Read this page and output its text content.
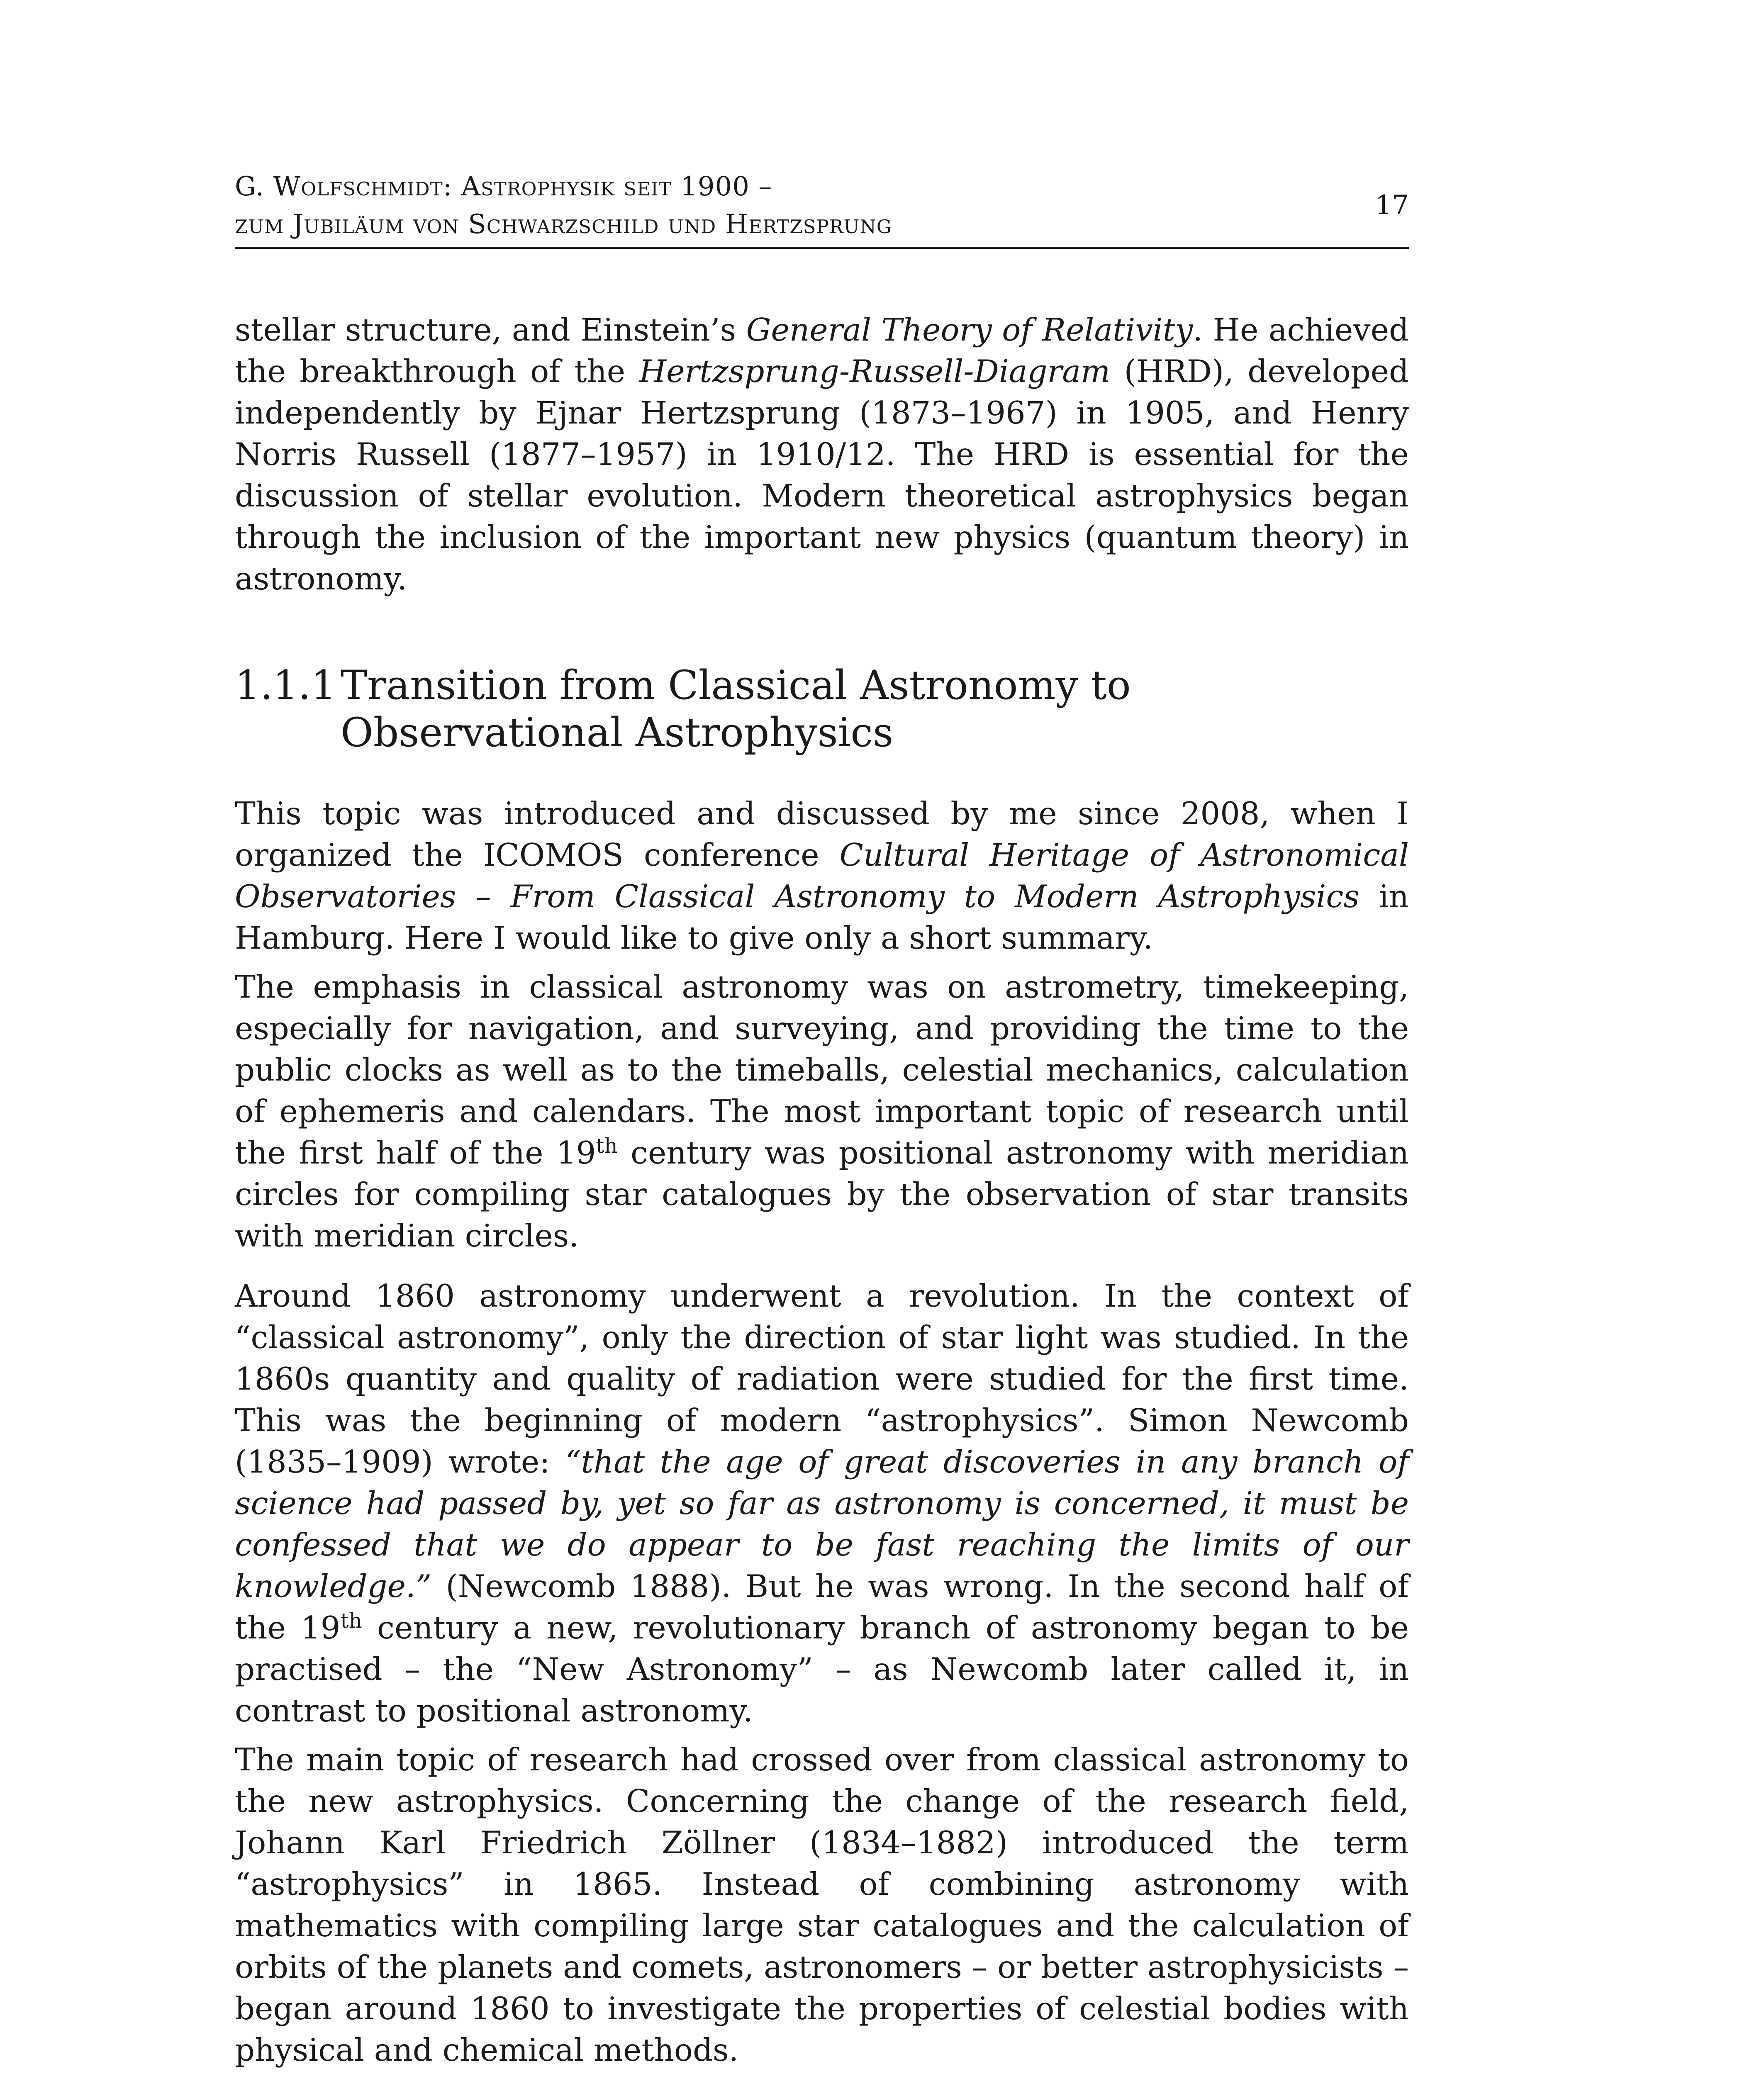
G. Wolfschmidt: Astrophysik seit 1900 –
zum Jubiläum von Schwarzschild und Hertzsprung
17

stellar structure, and Einstein’s General Theory of Relativity. He achieved the breakthrough of the Hertzsprung-Russell-Diagram (HRD), developed independently by Ejnar Hertzsprung (1873–1967) in 1905, and Henry Norris Russell (1877–1957) in 1910/12. The HRD is essential for the discussion of stellar evolution. Modern theoretical astrophysics began through the inclusion of the important new physics (quantum theory) in astronomy.

1.1.1 Transition from Classical Astronomy to Observational Astrophysics

This topic was introduced and discussed by me since 2008, when I organized the ICOMOS conference Cultural Heritage of Astronomical Observatories – From Classical Astronomy to Modern Astrophysics in Hamburg. Here I would like to give only a short summary.

The emphasis in classical astronomy was on astrometry, timekeeping, especially for navigation, and surveying, and providing the time to the public clocks as well as to the timeballs, celestial mechanics, calculation of ephemeris and calendars. The most important topic of research until the first half of the 19th century was positional astronomy with meridian circles for compiling star catalogues by the observation of star transits with meridian circles.

Around 1860 astronomy underwent a revolution. In the context of “classical astronomy”, only the direction of star light was studied. In the 1860s quantity and quality of radiation were studied for the first time. This was the beginning of modern “astrophysics”. Simon Newcomb (1835–1909) wrote: “that the age of great discoveries in any branch of science had passed by, yet so far as astronomy is concerned, it must be confessed that we do appear to be fast reaching the limits of our knowledge.” (Newcomb 1888). But he was wrong. In the second half of the 19th century a new, revolutionary branch of astronomy began to be practised – the “New Astronomy” – as Newcomb later called it, in contrast to positional astronomy.

The main topic of research had crossed over from classical astronomy to the new astrophysics. Concerning the change of the research field, Johann Karl Friedrich Zöllner (1834–1882) introduced the term “astrophysics” in 1865. Instead of combining astronomy with mathematics with compiling large star catalogues and the calculation of orbits of the planets and comets, astronomers – or better astrophysicists – began around 1860 to investigate the properties of celestial bodies with physical and chemical methods.
